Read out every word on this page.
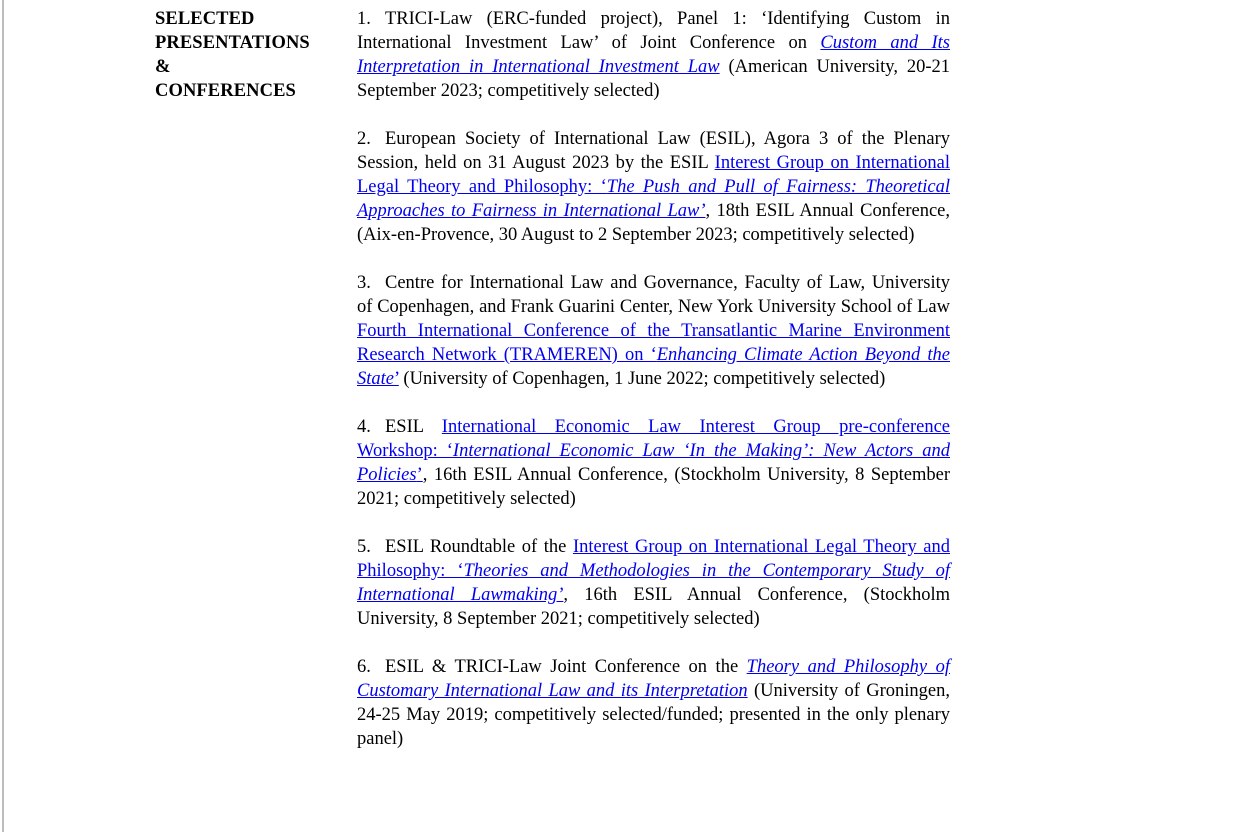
SELECTED
PRESENTATIONS
&
CONFERENCES

1. TRICI-Law (ERC-funded project), Panel 1: ‘Identifying Custom in International Investment Law’ of Joint Conference on Custom and Its Interpretation in International Investment Law (American University, 20-21 September 2023; competitively selected)

2. European Society of International Law (ESIL), Agora 3 of the Plenary Session, held on 31 August 2023 by the ESIL Interest Group on International Legal Theory and Philosophy: ‘The Push and Pull of Fairness: Theoretical Approaches to Fairness in International Law’, 18th ESIL Annual Conference, (Aix-en-Provence, 30 August to 2 September 2023; competitively selected)

3. Centre for International Law and Governance, Faculty of Law, University of Copenhagen, and Frank Guarini Center, New York University School of Law Fourth International Conference of the Transatlantic Marine Environment Research Network (TRAMEREN) on ‘Enhancing Climate Action Beyond the State’ (University of Copenhagen, 1 June 2022; competitively selected)

4. ESIL International Economic Law Interest Group pre-conference Workshop: ‘International Economic Law ‘In the Making’: New Actors and Policies’, 16th ESIL Annual Conference, (Stockholm University, 8 September 2021; competitively selected)

5. ESIL Roundtable of the Interest Group on International Legal Theory and Philosophy: ‘Theories and Methodologies in the Contemporary Study of International Lawmaking’, 16th ESIL Annual Conference, (Stockholm University, 8 September 2021; competitively selected)

6. ESIL & TRICI-Law Joint Conference on the Theory and Philosophy of Customary International Law and its Interpretation (University of Groningen, 24-25 May 2019; competitively selected/funded; presented in the only plenary panel)
